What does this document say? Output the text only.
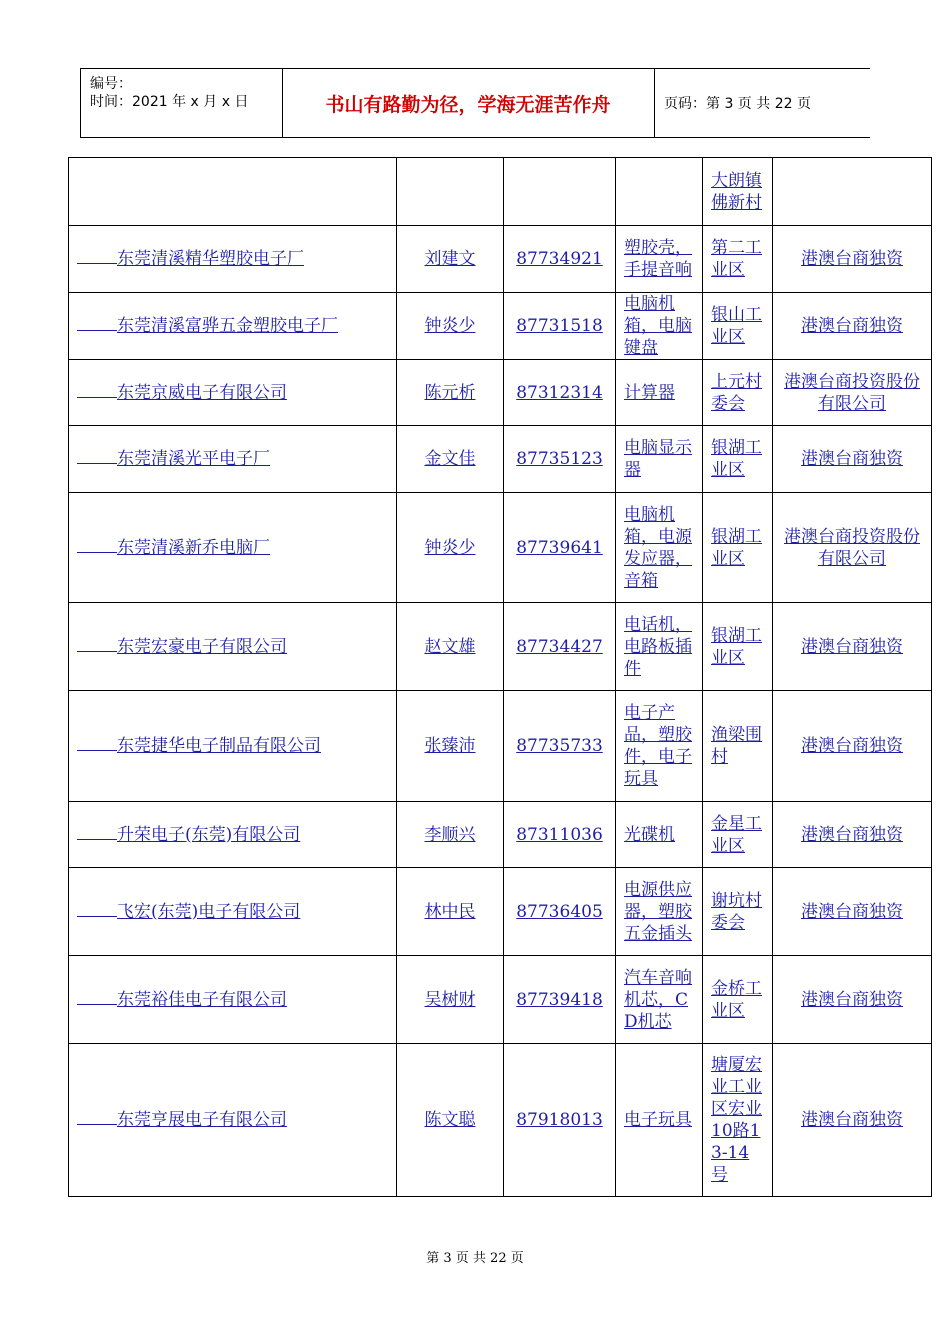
编号：
时间：2021 年 x 月 x 日	书山有路勤为径，学海无涯苦作舟	页码：第 3 页 共 22 页

				大朗镇佛新村	

东莞清溪精华塑胶电子厂	刘建文	87734921	塑胶壳，手提音响	第二工业区	港澳台商独资
东莞清溪富骅五金塑胶电子厂	钟炎少	87731518	电脑机箱，电脑键盘	银山工业区	港澳台商独资
东莞京威电子有限公司	陈元析	87312314	计算器	上元村委会	港澳台商投资股份有限公司
东莞清溪光平电子厂	金文佳	87735123	电脑显示器	银湖工业区	港澳台商独资
东莞清溪新乔电脑厂	钟炎少	87739641	电脑机箱，电源发应器，音箱	银湖工业区	港澳台商投资股份有限公司
东莞宏豪电子有限公司	赵文雄	87734427	电话机，电路板插件	银湖工业区	港澳台商独资
东莞捷华电子制品有限公司	张臻沛	87735733	电子产品，塑胶件，电子玩具	渔梁围村	港澳台商独资
升荣电子(东莞)有限公司	李顺兴	87311036	光碟机	金星工业区	港澳台商独资
飞宏(东莞)电子有限公司	林中民	87736405	电源供应器，塑胶五金插头	谢坑村委会	港澳台商独资
东莞裕佳电子有限公司	吴树财	87739418	汽车音响机芯，CD机芯	金桥工业区	港澳台商独资
东莞亨展电子有限公司	陈文聪	87918013	电子玩具	塘厦宏业工业区宏业10路13-14号	港澳台商独资
第 3 页 共 22 页
